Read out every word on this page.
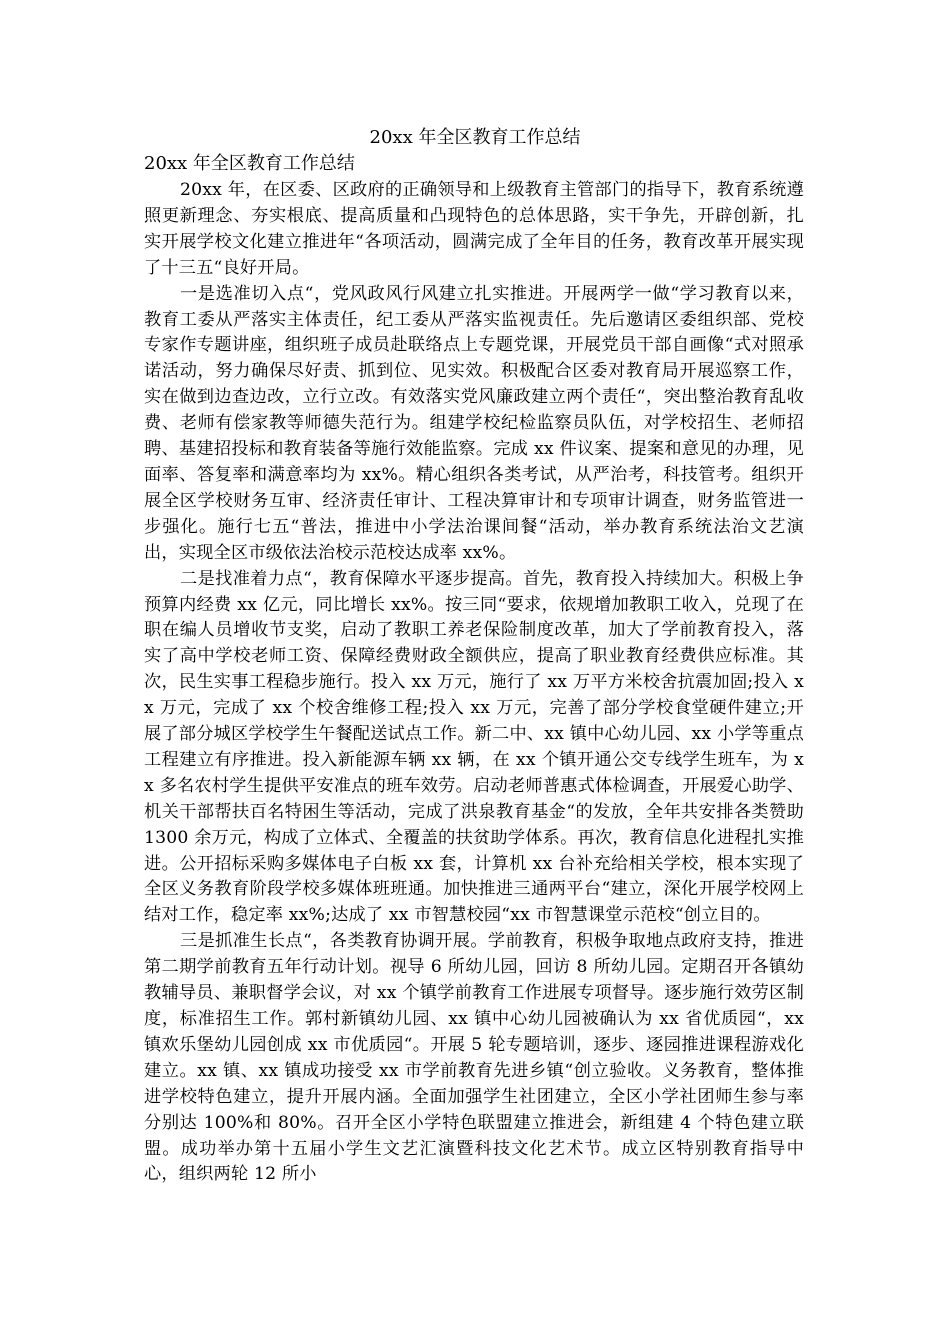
20xx 年全区教育工作总结
20xx 年全区教育工作总结

20xx 年，在区委、区政府的正确领导和上级教育主管部门的指导下，教育系统遵照更新理念、夯实根底、提高质量和凸现特色的总体思路，实干争先，开辟创新，扎实开展学校文化建立推进年“各项活动，圆满完成了全年目的任务，教育改革开展实现了十三五“良好开局。

一是选准切入点“，党风政风行风建立扎实推进。开展两学一做“学习教育以来，教育工委从严落实主体责任，纪工委从严落实监视责任。先后邀请区委组织部、党校专家作专题讲座，组织班子成员赴联络点上专题党课，开展党员干部自画像“式对照承诺活动，努力确保尽好责、抓到位、见实效。积极配合区委对教育局开展巡察工作，实在做到边查边改，立行立改。有效落实党风廉政建立两个责任“，突出整治教育乱收费、老师有偿家教等师德失范行为。组建学校纪检监察员队伍，对学校招生、老师招聘、基建招投标和教育装备等施行效能监察。完成 xx 件议案、提案和意见的办理，见面率、答复率和满意率均为 xx%。精心组织各类考试，从严治考，科技管考。组织开展全区学校财务互审、经济责任审计、工程决算审计和专项审计调查，财务监管进一步强化。施行七五“普法，推进中小学法治课间餐“活动，举办教育系统法治文艺演出，实现全区市级依法治校示范校达成率 xx%。

二是找准着力点“，教育保障水平逐步提高。首先，教育投入持续加大。积极上争预算内经费 xx 亿元，同比增长 xx%。按三同“要求，依规增加教职工收入，兑现了在职在编人员增收节支奖，启动了教职工养老保险制度改革，加大了学前教育投入，落实了高中学校老师工资、保障经费财政全额供应，提高了职业教育经费供应标准。其次，民生实事工程稳步施行。投入 xx 万元，施行了 xx 万平方米校舍抗震加固;投入 xx 万元，完成了 xx 个校舍维修工程;投入 xx 万元，完善了部分学校食堂硬件建立;开展了部分城区学校学生午餐配送试点工作。新二中、xx 镇中心幼儿园、xx 小学等重点工程建立有序推进。投入新能源车辆 xx 辆，在 xx 个镇开通公交专线学生班车，为 xx 多名农村学生提供平安准点的班车效劳。启动老师普惠式体检调查，开展爱心助学、机关干部帮扶百名特困生等活动，完成了洪泉教育基金“的发放，全年共安排各类赞助 1300 余万元，构成了立体式、全覆盖的扶贫助学体系。再次，教育信息化进程扎实推进。公开招标采购多媒体电子白板 xx 套，计算机 xx 台补充给相关学校，根本实现了全区义务教育阶段学校多媒体班班通。加快推进三通两平台“建立，深化开展学校网上结对工作，稳定率 xx%;达成了 xx 市智慧校园“xx 市智慧课堂示范校“创立目的。

三是抓准生长点“，各类教育协调开展。学前教育，积极争取地点政府支持，推进第二期学前教育五年行动计划。视导 6 所幼儿园，回访 8 所幼儿园。定期召开各镇幼教辅导员、兼职督学会议，对 xx 个镇学前教育工作进展专项督导。逐步施行效劳区制度，标准招生工作。郭村新镇幼儿园、xx 镇中心幼儿园被确认为 xx 省优质园“，xx 镇欢乐堡幼儿园创成 xx 市优质园“。开展 5 轮专题培训，逐步、逐园推进课程游戏化建立。xx 镇、xx 镇成功接受 xx 市学前教育先进乡镇“创立验收。义务教育，整体推进学校特色建立，提升开展内涵。全面加强学生社团建立，全区小学社团师生参与率分别达 100%和 80%。召开全区小学特色联盟建立推进会，新组建 4 个特色建立联盟。成功举办第十五届小学生文艺汇演暨科技文化艺术节。成立区特别教育指导中心，组织两轮 12 所小
